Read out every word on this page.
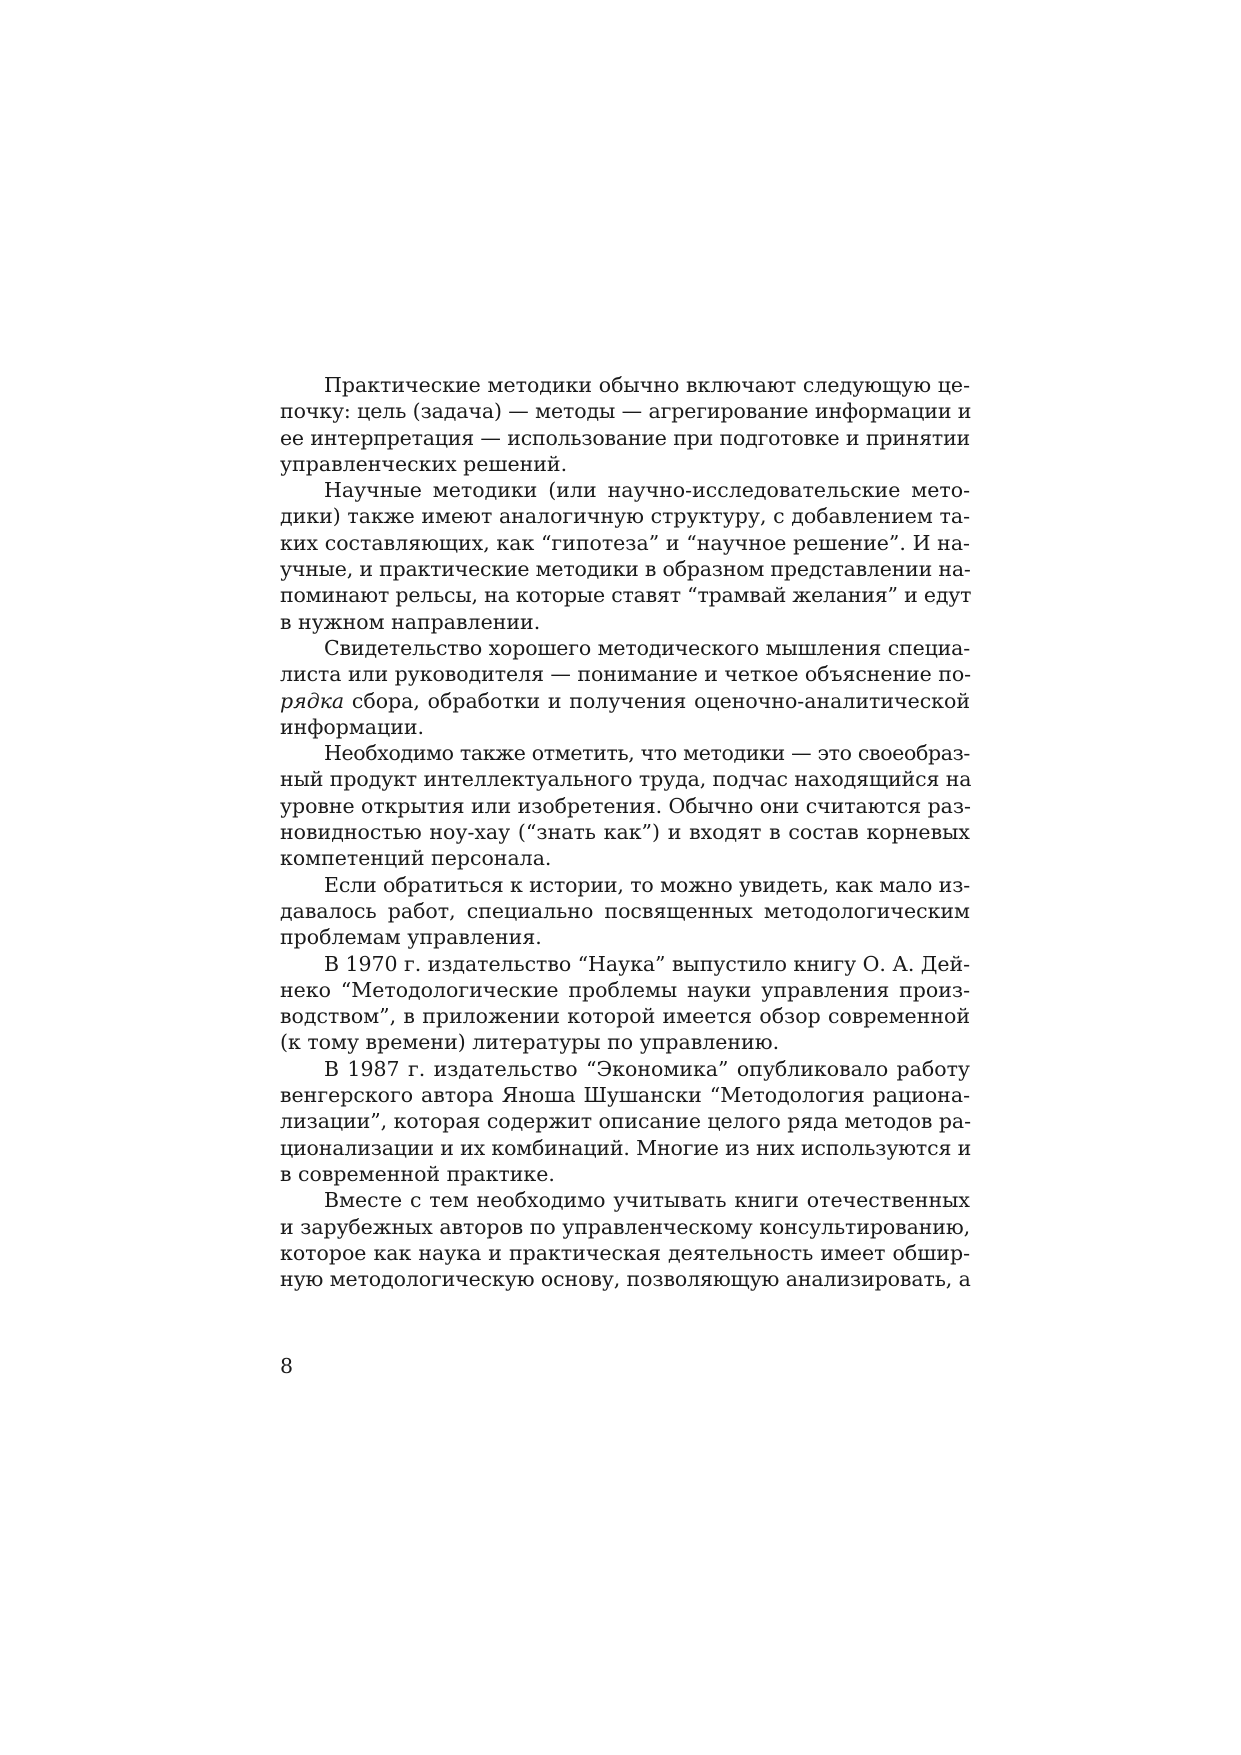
Практические методики обычно включают следующую це-
почку: цель (задача) — методы — агрегирование информации и
ее интерпретация — использование при подготовке и принятии
управленческих решений.

Научные методики (или научно-исследовательские мето-
дики) также имеют аналогичную структуру, с добавлением та-
ких составляющих, как “гипотеза” и “научное решение”. И на-
учные, и практические методики в образном представлении на-
поминают рельсы, на которые ставят “трамвай желания” и едут
в нужном направлении.

Свидетельство хорошего методического мышления специа-
листа или руководителя — понимание и четкое объяснение по-
рядка сбора, обработки и получения оценочно-аналитической
информации.

Необходимо также отметить, что методики — это своеобраз-
ный продукт интеллектуального труда, подчас находящийся на
уровне открытия или изобретения. Обычно они считаются раз-
новидностью ноу-хау (“знать как”) и входят в состав корневых
компетенций персонала.

Если обратиться к истории, то можно увидеть, как мало из-
давалось работ, специально посвященных методологическим
проблемам управления.

В 1970 г. издательство “Наука” выпустило книгу О. А. Дей-
неко “Методологические проблемы науки управления произ-
водством”, в приложении которой имеется обзор современной
(к тому времени) литературы по управлению.

В 1987 г. издательство “Экономика” опубликовало работу
венгерского автора Яноша Шушански “Методология рациона-
лизации”, которая содержит описание целого ряда методов ра-
ционализации и их комбинаций. Многие из них используются и
в современной практике.

Вместе с тем необходимо учитывать книги отечественных
и зарубежных авторов по управленческому консультированию,
которое как наука и практическая деятельность имеет обшир-
ную методологическую основу, позволяющую анализировать, а

8
